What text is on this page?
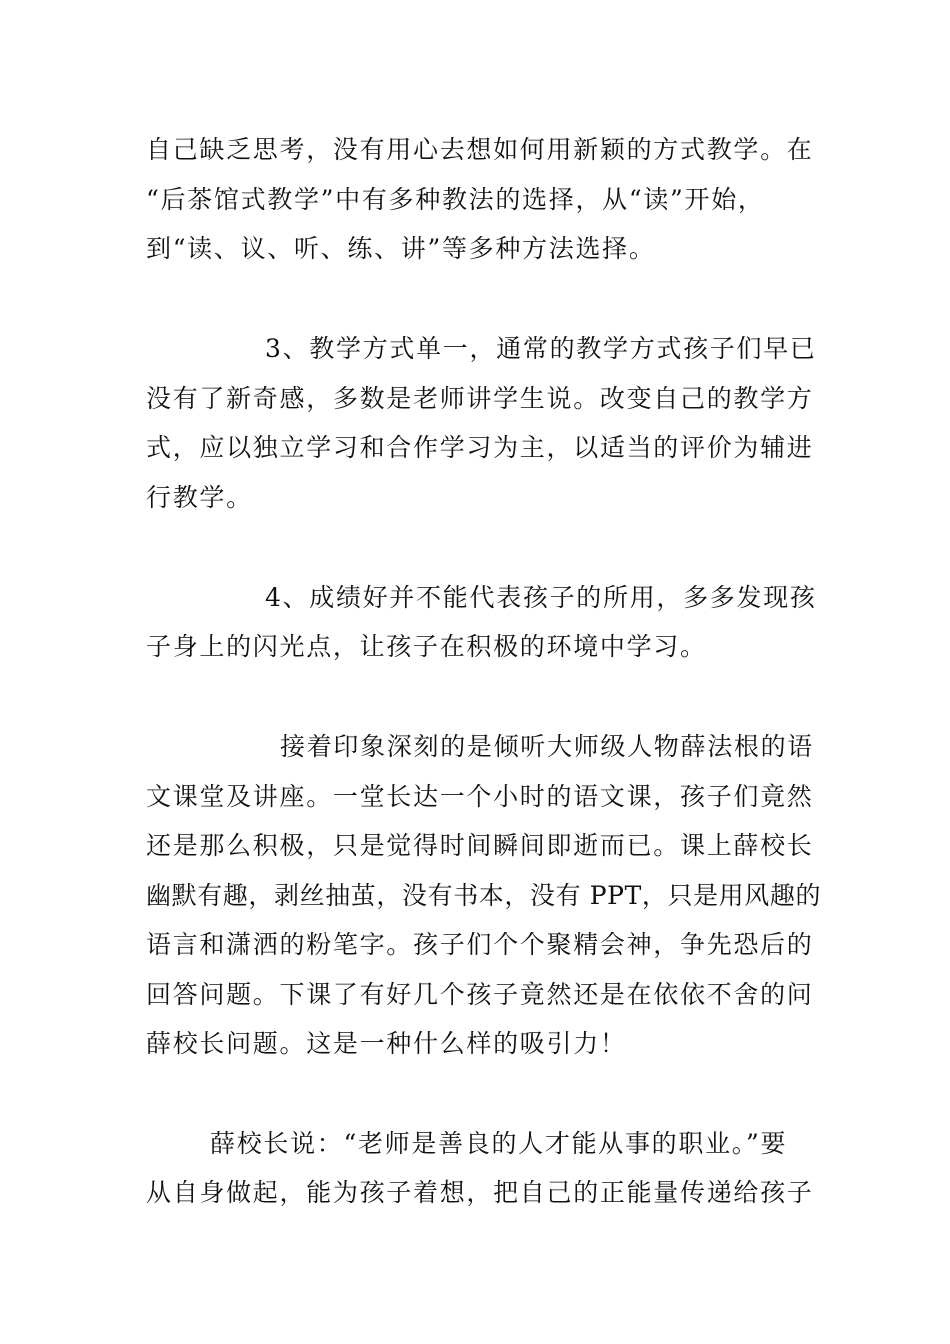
自己缺乏思考，没有用心去想如何用新颖的方式教学。在
“后茶馆式教学”中有多种教法的选择，从“读”开始，
到“读、议、听、练、讲”等多种方法选择。
3、教学方式单一，通常的教学方式孩子们早已
没有了新奇感，多数是老师讲学生说。改变自己的教学方
式，应以独立学习和合作学习为主，以适当的评价为辅进
行教学。
4、成绩好并不能代表孩子的所用，多多发现孩
子身上的闪光点，让孩子在积极的环境中学习。
接着印象深刻的是倾听大师级人物薛法根的语
文课堂及讲座。一堂长达一个小时的语文课，孩子们竟然
还是那么积极，只是觉得时间瞬间即逝而已。课上薛校长
幽默有趣，剥丝抽茧，没有书本，没有 PPT，只是用风趣的
语言和潇洒的粉笔字。孩子们个个聚精会神，争先恐后的
回答问题。下课了有好几个孩子竟然还是在依依不舍的问
薛校长问题。这是一种什么样的吸引力！
薛校长说：“老师是善良的人才能从事的职业。”要
从自身做起，能为孩子着想，把自己的正能量传递给孩子
